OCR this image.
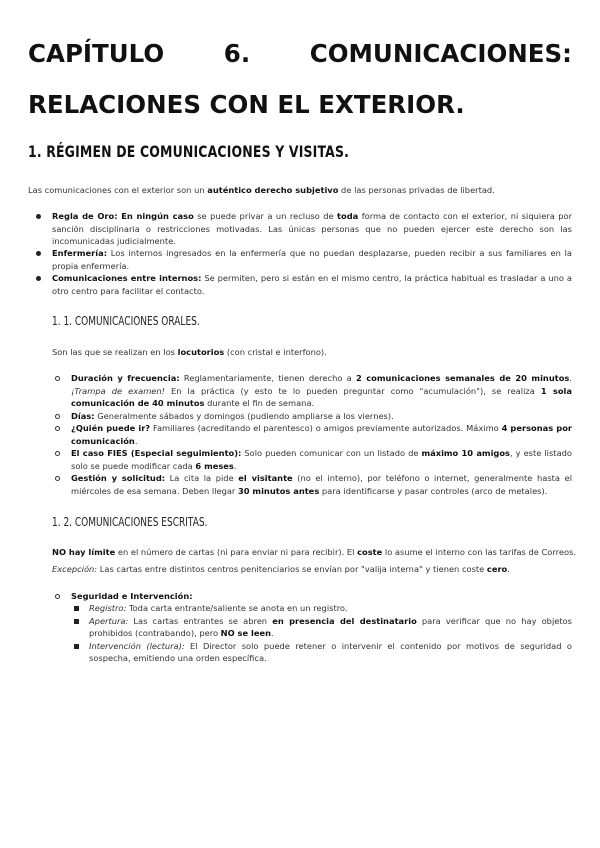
CAPÍTULO 6. COMUNICACIONES:
RELACIONES CON EL EXTERIOR.
1. RÉGIMEN DE COMUNICACIONES Y VISITAS.
Las comunicaciones con el exterior son un auténtico derecho subjetivo de las personas privadas de libertad.
Regla de Oro: En ningún caso se puede privar a un recluso de toda forma de contacto con el exterior, ni siquiera por sanción disciplinaria o restricciones motivadas. Las únicas personas que no pueden ejercer este derecho son las incomunicadas judicialmente.
Enfermería: Los internos ingresados en la enfermería que no puedan desplazarse, pueden recibir a sus familiares en la propia enfermería.
Comunicaciones entre internos: Se permiten, pero si están en el mismo centro, la práctica habitual es trasladar a uno a otro centro para facilitar el contacto.
1. 1. COMUNICACIONES ORALES.
Son las que se realizan en los locutorios (con cristal e interfono).
Duración y frecuencia: Reglamentariamente, tienen derecho a 2 comunicaciones semanales de 20 minutos. ¡Trampa de examen! En la práctica (y esto te lo pueden preguntar como "acumulación"), se realiza 1 sola comunicación de 40 minutos durante el fin de semana.
Días: Generalmente sábados y domingos (pudiendo ampliarse a los viernes).
¿Quién puede ir? Familiares (acreditando el parentesco) o amigos previamente autorizados. Máximo 4 personas por comunicación.
El caso FIES (Especial seguimiento): Solo pueden comunicar con un listado de máximo 10 amigos, y este listado solo se puede modificar cada 6 meses.
Gestión y solicitud: La cita la pide el visitante (no el interno), por teléfono o internet, generalmente hasta el miércoles de esa semana. Deben llegar 30 minutos antes para identificarse y pasar controles (arco de metales).
1. 2. COMUNICACIONES ESCRITAS.
NO hay límite en el número de cartas (ni para enviar ni para recibir). El coste lo asume el interno con las tarifas de Correos.
Excepción: Las cartas entre distintos centros penitenciarios se envían por "valija interna" y tienen coste cero.
Seguridad e Intervención:
Registro: Toda carta entrante/saliente se anota en un registro.
Apertura: Las cartas entrantes se abren en presencia del destinatario para verificar que no hay objetos prohibidos (contrabando), pero NO se leen.
Intervención (lectura): El Director solo puede retener o intervenir el contenido por motivos de seguridad o sospecha, emitiendo una orden específica.
